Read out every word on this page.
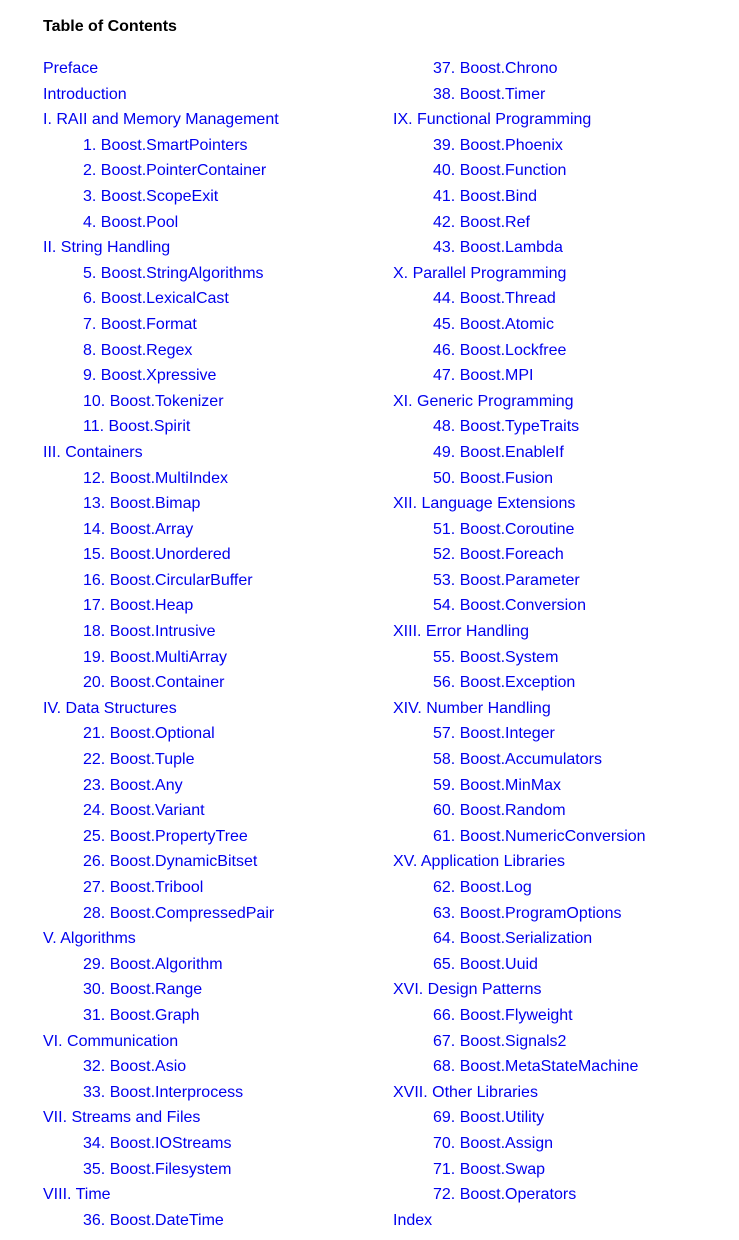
Table of Contents
Preface
Introduction
I. RAII and Memory Management
1. Boost.SmartPointers
2. Boost.PointerContainer
3. Boost.ScopeExit
4. Boost.Pool
II. String Handling
5. Boost.StringAlgorithms
6. Boost.LexicalCast
7. Boost.Format
8. Boost.Regex
9. Boost.Xpressive
10. Boost.Tokenizer
11. Boost.Spirit
III. Containers
12. Boost.MultiIndex
13. Boost.Bimap
14. Boost.Array
15. Boost.Unordered
16. Boost.CircularBuffer
17. Boost.Heap
18. Boost.Intrusive
19. Boost.MultiArray
20. Boost.Container
IV. Data Structures
21. Boost.Optional
22. Boost.Tuple
23. Boost.Any
24. Boost.Variant
25. Boost.PropertyTree
26. Boost.DynamicBitset
27. Boost.Tribool
28. Boost.CompressedPair
V. Algorithms
29. Boost.Algorithm
30. Boost.Range
31. Boost.Graph
VI. Communication
32. Boost.Asio
33. Boost.Interprocess
VII. Streams and Files
34. Boost.IOStreams
35. Boost.Filesystem
VIII. Time
36. Boost.DateTime
37. Boost.Chrono
38. Boost.Timer
IX. Functional Programming
39. Boost.Phoenix
40. Boost.Function
41. Boost.Bind
42. Boost.Ref
43. Boost.Lambda
X. Parallel Programming
44. Boost.Thread
45. Boost.Atomic
46. Boost.Lockfree
47. Boost.MPI
XI. Generic Programming
48. Boost.TypeTraits
49. Boost.EnableIf
50. Boost.Fusion
XII. Language Extensions
51. Boost.Coroutine
52. Boost.Foreach
53. Boost.Parameter
54. Boost.Conversion
XIII. Error Handling
55. Boost.System
56. Boost.Exception
XIV. Number Handling
57. Boost.Integer
58. Boost.Accumulators
59. Boost.MinMax
60. Boost.Random
61. Boost.NumericConversion
XV. Application Libraries
62. Boost.Log
63. Boost.ProgramOptions
64. Boost.Serialization
65. Boost.Uuid
XVI. Design Patterns
66. Boost.Flyweight
67. Boost.Signals2
68. Boost.MetaStateMachine
XVII. Other Libraries
69. Boost.Utility
70. Boost.Assign
71. Boost.Swap
72. Boost.Operators
Index
